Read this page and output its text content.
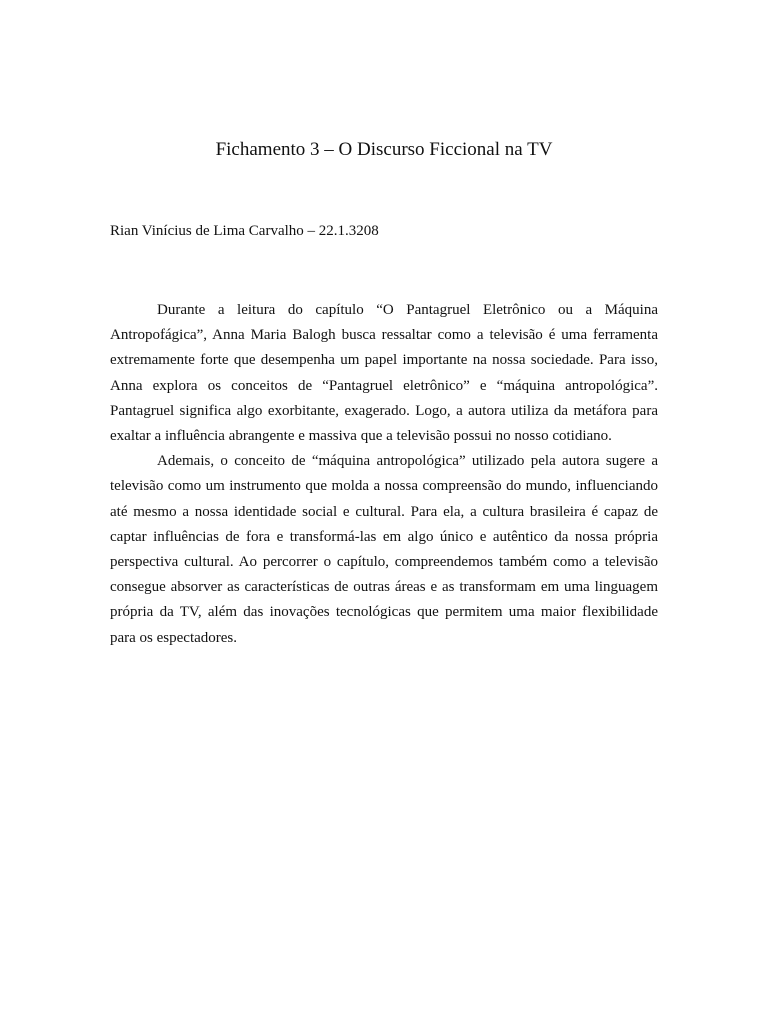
Fichamento 3 – O Discurso Ficcional na TV
Rian Vinícius de Lima Carvalho – 22.1.3208

Durante a leitura do capítulo “O Pantagruel Eletrônico ou a Máquina Antropofágica”, Anna Maria Balogh busca ressaltar como a televisão é uma ferramenta extremamente forte que desempenha um papel importante na nossa sociedade. Para isso, Anna explora os conceitos de “Pantagruel eletrônico” e “máquina antropológica”. Pantagruel significa algo exorbitante, exagerado. Logo, a autora utiliza da metáfora para exaltar a influência abrangente e massiva que a televisão possui no nosso cotidiano.

Ademais, o conceito de “máquina antropológica” utilizado pela autora sugere a televisão como um instrumento que molda a nossa compreensão do mundo, influenciando até mesmo a nossa identidade social e cultural. Para ela, a cultura brasileira é capaz de captar influências de fora e transformá-las em algo único e autêntico da nossa própria perspectiva cultural. Ao percorrer o capítulo, compreendemos também como a televisão consegue absorver as características de outras áreas e as transformam em uma linguagem própria da TV, além das inovações tecnológicas que permitem uma maior flexibilidade para os espectadores.
